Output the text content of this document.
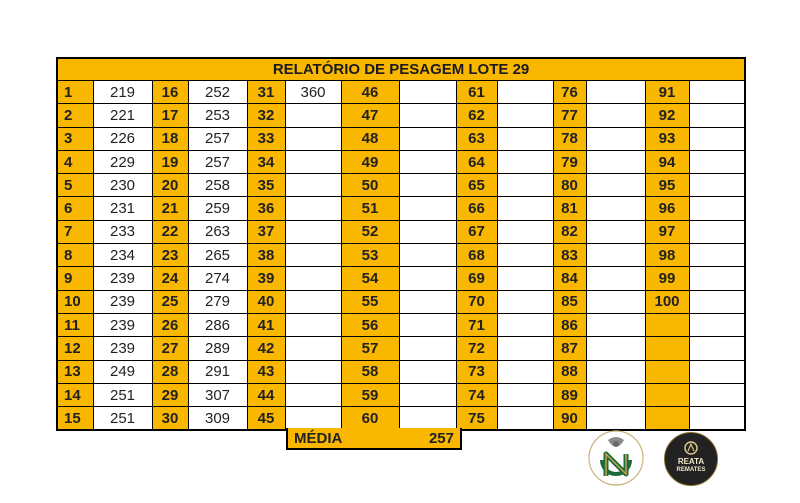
RELATÓRIO DE PESAGEM LOTE 29													
1	219	16	252	31	360	46		61		76		91	
2	221	17	253	32		47		62		77		92	
3	226	18	257	33		48		63		78		93	
4	229	19	257	34		49		64		79		94	
5	230	20	258	35		50		65		80		95	
6	231	21	259	36		51		66		81		96	
7	233	22	263	37		52		67		82		97	
8	234	23	265	38		53		68		83		98	
9	239	24	274	39		54		69		84		99	
10	239	25	279	40		55		70		85		100	
11	239	26	286	41		56		71		86			
12	239	27	289	42		57		72		87			
13	249	28	291	43		58		73		88			
14	251	29	307	44		59		74		89			
15	251	30	309	45		60		75		90			
MÉDIA	257
REATA
REMATES
